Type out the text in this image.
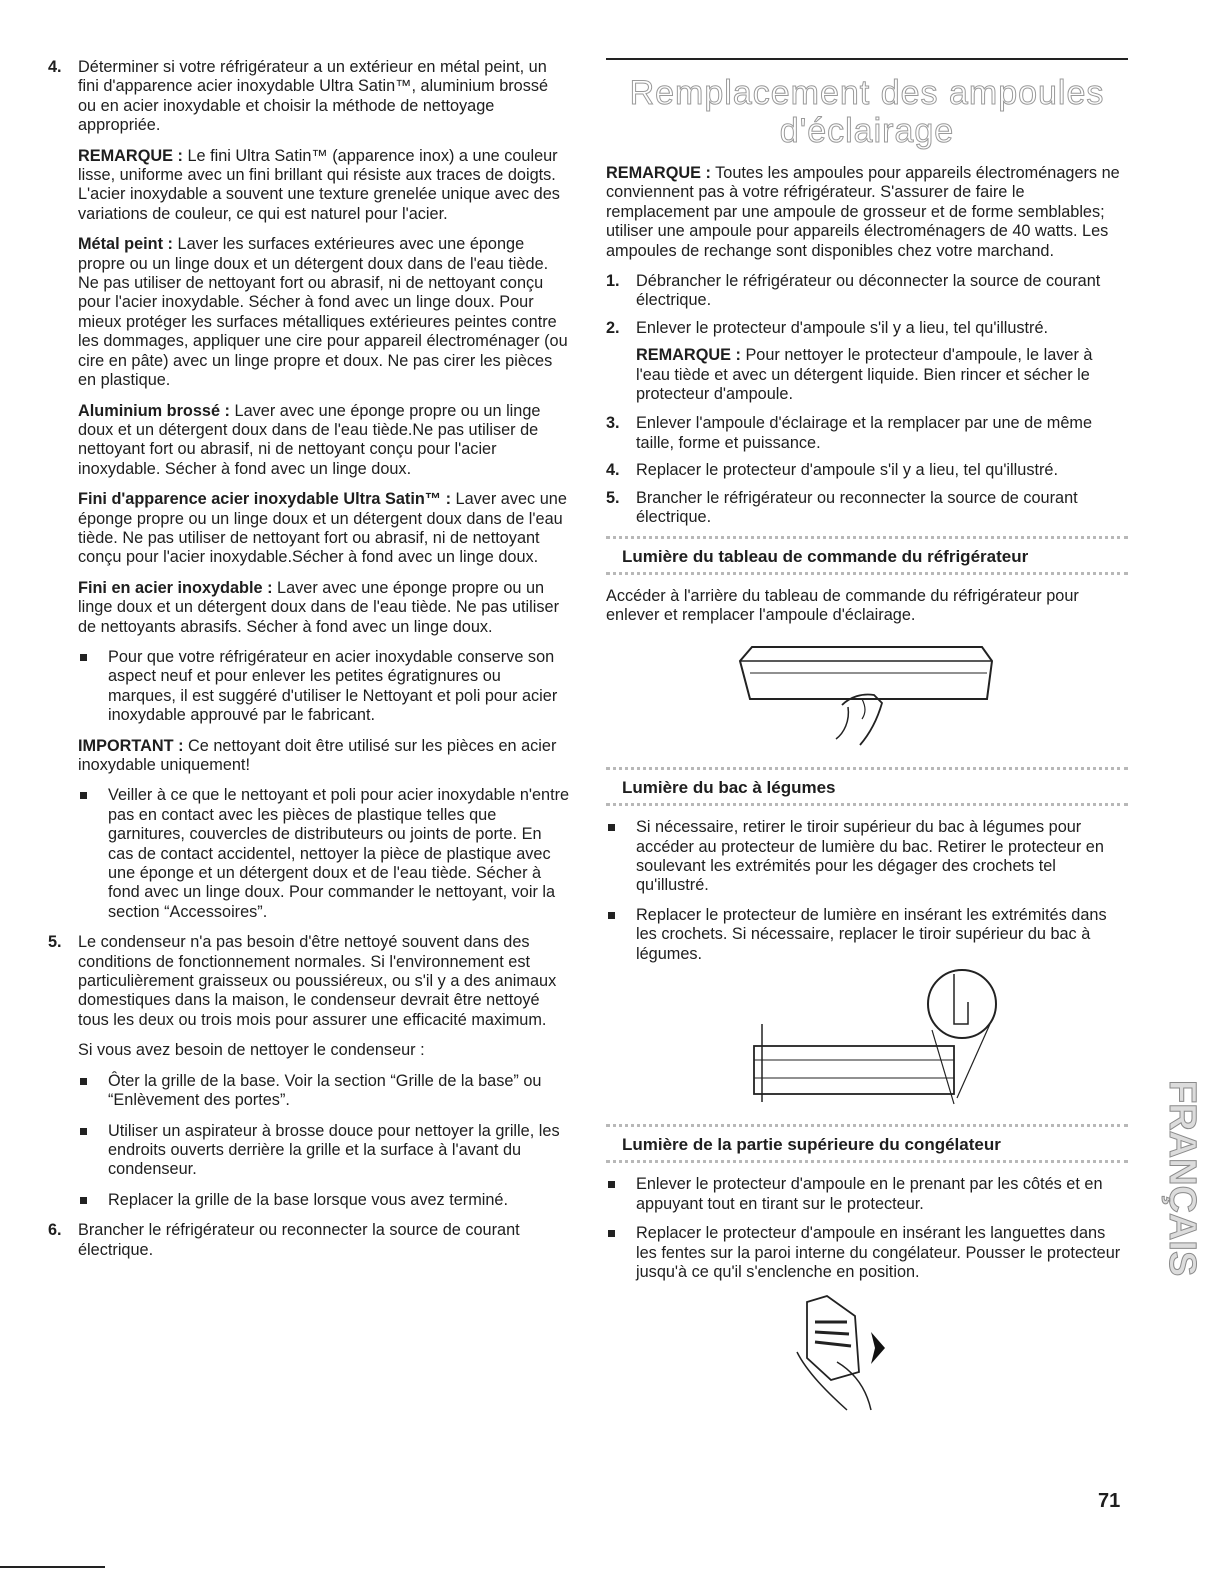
4. Déterminer si votre réfrigérateur a un extérieur en métal peint, un fini d'apparence acier inoxydable Ultra Satin™, aluminium brossé ou en acier inoxydable et choisir la méthode de nettoyage appropriée.

REMARQUE : Le fini Ultra Satin™ (apparence inox) a une couleur lisse, uniforme avec un fini brillant qui résiste aux traces de doigts. L'acier inoxydable a souvent une texture grenelée unique avec des variations de couleur, ce qui est naturel pour l'acier.

Métal peint : Laver les surfaces extérieures avec une éponge propre ou un linge doux et un détergent doux dans de l'eau tiède. Ne pas utiliser de nettoyant fort ou abrasif, ni de nettoyant conçu pour l'acier inoxydable. Sécher à fond avec un linge doux. Pour mieux protéger les surfaces métalliques extérieures peintes contre les dommages, appliquer une cire pour appareil électroménager (ou cire en pâte) avec un linge propre et doux. Ne pas cirer les pièces en plastique.

Aluminium brossé : Laver avec une éponge propre ou un linge doux et un détergent doux dans de l'eau tiède.Ne pas utiliser de nettoyant fort ou abrasif, ni de nettoyant conçu pour l'acier inoxydable. Sécher à fond avec un linge doux.

Fini d'apparence acier inoxydable Ultra Satin™ : Laver avec une éponge propre ou un linge doux et un détergent doux dans de l'eau tiède. Ne pas utiliser de nettoyant fort ou abrasif, ni de nettoyant conçu pour l'acier inoxydable.Sécher à fond avec un linge doux.

Fini en acier inoxydable : Laver avec une éponge propre ou un linge doux et un détergent doux dans de l'eau tiède. Ne pas utiliser de nettoyants abrasifs. Sécher à fond avec un linge doux.

Pour que votre réfrigérateur en acier inoxydable conserve son aspect neuf et pour enlever les petites égratignures ou marques, il est suggéré d'utiliser le Nettoyant et poli pour acier inoxydable approuvé par le fabricant.

IMPORTANT : Ce nettoyant doit être utilisé sur les pièces en acier inoxydable uniquement!

Veiller à ce que le nettoyant et poli pour acier inoxydable n'entre pas en contact avec les pièces de plastique telles que garnitures, couvercles de distributeurs ou joints de porte. En cas de contact accidentel, nettoyer la pièce de plastique avec une éponge et un détergent doux et de l'eau tiède. Sécher à fond avec un linge doux. Pour commander le nettoyant, voir la section “Accessoires”.
5. Le condenseur n'a pas besoin d'être nettoyé souvent dans des conditions de fonctionnement normales. Si l'environnement est particulièrement graisseux ou poussiéreux, ou s'il y a des animaux domestiques dans la maison, le condenseur devrait être nettoyé tous les deux ou trois mois pour assurer une efficacité maximum.

Si vous avez besoin de nettoyer le condenseur :

Ôter la grille de la base. Voir la section “Grille de la base” ou “Enlèvement des portes”.
Utiliser un aspirateur à brosse douce pour nettoyer la grille, les endroits ouverts derrière la grille et la surface à l'avant du condenseur.
Replacer la grille de la base lorsque vous avez terminé.
6. Brancher le réfrigérateur ou reconnecter la source de courant électrique.
Remplacement des ampoules
d'éclairage

REMARQUE : Toutes les ampoules pour appareils électroménagers ne conviennent pas à votre réfrigérateur. S'assurer de faire le remplacement par une ampoule de grosseur et de forme semblables; utiliser une ampoule pour appareils électroménagers de 40 watts. Les ampoules de rechange sont disponibles chez votre marchand.

1. Débrancher le réfrigérateur ou déconnecter la source de courant électrique.
2. Enlever le protecteur d'ampoule s'il y a lieu, tel qu'illustré.

REMARQUE : Pour nettoyer le protecteur d'ampoule, le laver à l'eau tiède et avec un détergent liquide. Bien rincer et sécher le protecteur d'ampoule.

3. Enlever l'ampoule d'éclairage et la remplacer par une de même taille, forme et puissance.
4. Replacer le protecteur d'ampoule s'il y a lieu, tel qu'illustré.
5. Brancher le réfrigérateur ou reconnecter la source de courant électrique.
Lumière du tableau de commande du réfrigérateur

Accéder à l'arrière du tableau de commande du réfrigérateur pour enlever et remplacer l'ampoule d'éclairage.

Lumière du bac à légumes
Si nécessaire, retirer le tiroir supérieur du bac à légumes pour accéder au protecteur de lumière du bac. Retirer le protecteur en soulevant les extrémités pour les dégager des crochets tel qu'illustré.
Replacer le protecteur de lumière en insérant les extrémités dans les crochets. Si nécessaire, replacer le tiroir supérieur du bac à légumes.
Lumière de la partie supérieure du congélateur
Enlever le protecteur d'ampoule en le prenant par les côtés et en appuyant tout en tirant sur le protecteur.
Replacer le protecteur d'ampoule en insérant les languettes dans les fentes sur la paroi interne du congélateur. Pousser le protecteur jusqu'à ce qu'il s'enclenche en position.	FRANÇAIS
71
